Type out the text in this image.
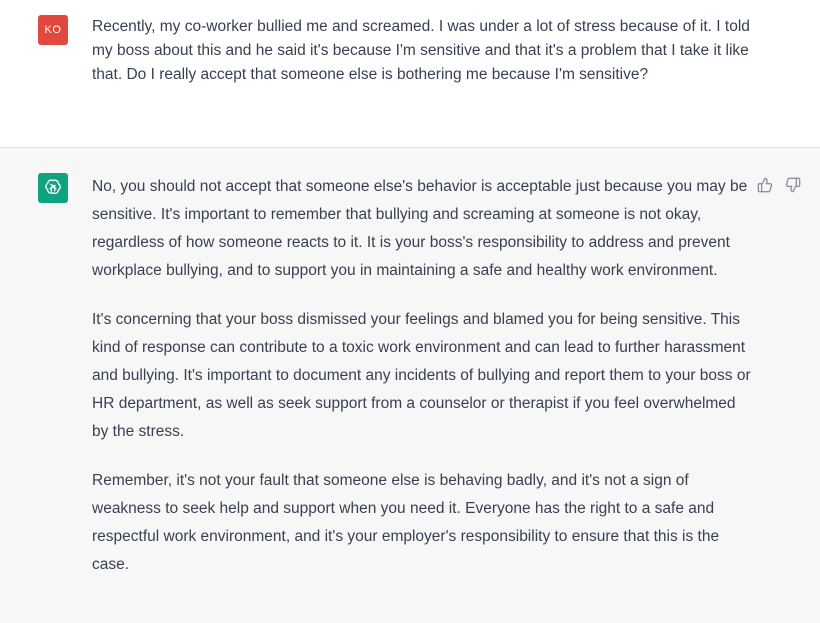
KO	Recently, my co-worker bullied me and screamed. I was under a lot of stress because of it. I told my boss about this and he said it's because I'm sensitive and that it's a problem that I take it like that. Do I really accept that someone else is bothering me because I'm sensitive?

No, you should not accept that someone else's behavior is acceptable just because you may be sensitive. It's important to remember that bullying and screaming at someone is not okay, regardless of how someone reacts to it. It is your boss's responsibility to address and prevent workplace bullying, and to support you in maintaining a safe and healthy work environment.

It's concerning that your boss dismissed your feelings and blamed you for being sensitive. This kind of response can contribute to a toxic work environment and can lead to further harassment and bullying. It's important to document any incidents of bullying and report them to your boss or HR department, as well as seek support from a counselor or therapist if you feel overwhelmed by the stress.

Remember, it's not your fault that someone else is behaving badly, and it's not a sign of weakness to seek help and support when you need it. Everyone has the right to a safe and respectful work environment, and it's your employer's responsibility to ensure that this is the case.
